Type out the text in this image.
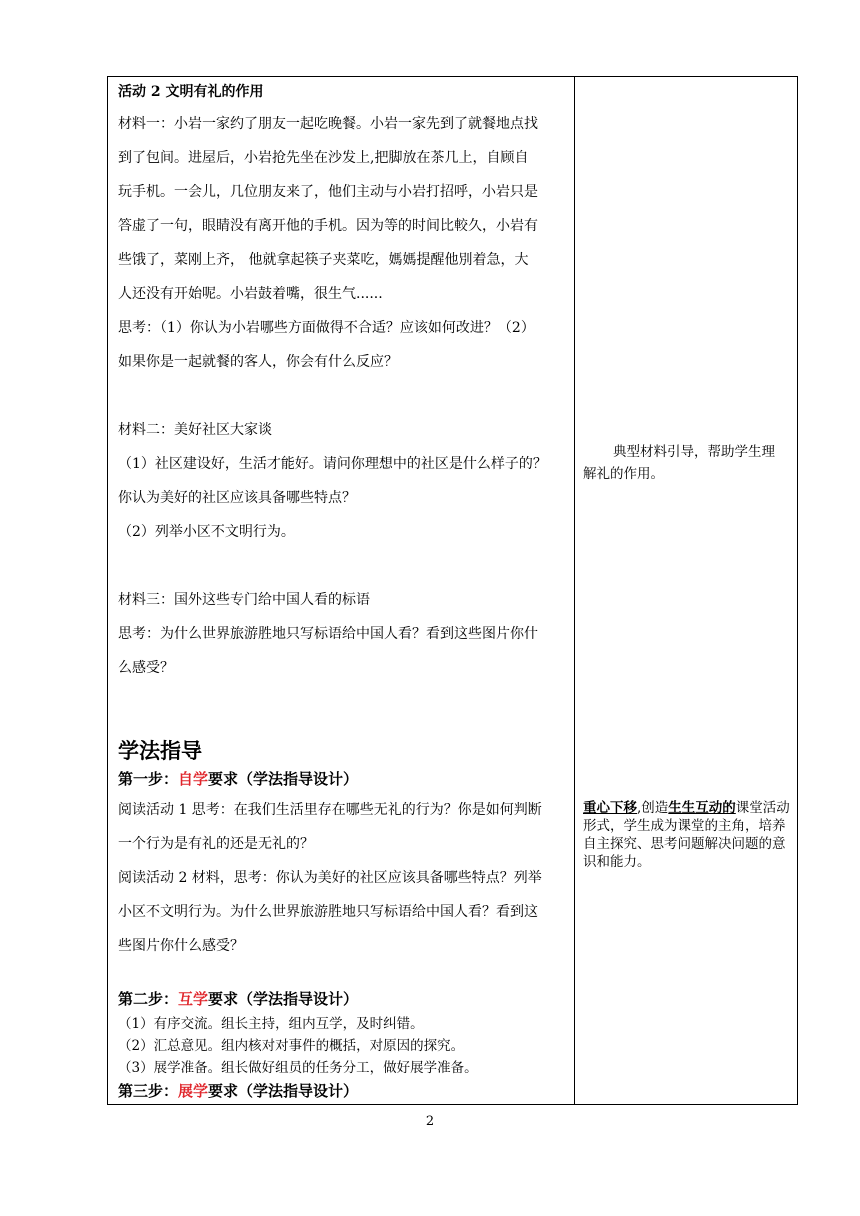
活动 2 文明有礼的作用

材料一：小岩一家约了朋友一起吃晚餐。小岩一家先到了就餐地点找

到了包间。进屋后，小岩抢先坐在沙发上,把脚放在茶几上，自顾自

玩手机。一会儿，几位朋友来了，他们主动与小岩打招呼，小岩只是

答虚了一句，眼睛没有离开他的手机。因为等的时间比較久，小岩有

些饿了，菜刚上齐， 他就拿起筷子夹菜吃，媽媽提醒他別着急，大

人还没有开始呢。小岩鼓着嘴，很生气......

思考：（1）你认为小岩哪些方面做得不合适？应该如何改进？（2）

如果你是一起就餐的客人，你会有什么反应？

材料二：美好社区大家谈

（1）社区建设好，生活才能好。请问你理想中的社区是什么样子的？

你认为美好的社区应该具备哪些特点？

（2）列举小区不文明行为。

材料三：国外这些专门给中国人看的标语

思考：为什么世界旅游胜地只写标语给中国人看？看到这些图片你什

么感受？

学法指导

第一步：自学要求（学法指导设计）

阅读活动 1 思考：在我们生活里存在哪些无礼的行为？你是如何判断

一个行为是有礼的还是无礼的？

阅读活动 2 材料，思考：你认为美好的社区应该具备哪些特点？列举

小区不文明行为。为什么世界旅游胜地只写标语给中国人看？看到这

些图片你什么感受？

第二步：互学要求（学法指导设计）

（1）有序交流。组长主持，组内互学，及时纠错。

（2）汇总意见。组内核对对事件的概括，对原因的探究。

（3）展学准备。组长做好组员的任务分工，做好展学准备。

第三步：展学要求（学法指导设计）

典型材料引导，帮助学生理
解礼的作用。
重心下移,创造生生互动的课堂活动形式，学生成为课堂的主角，培养自主探究、思考问题解决问题的意识和能力。
2
